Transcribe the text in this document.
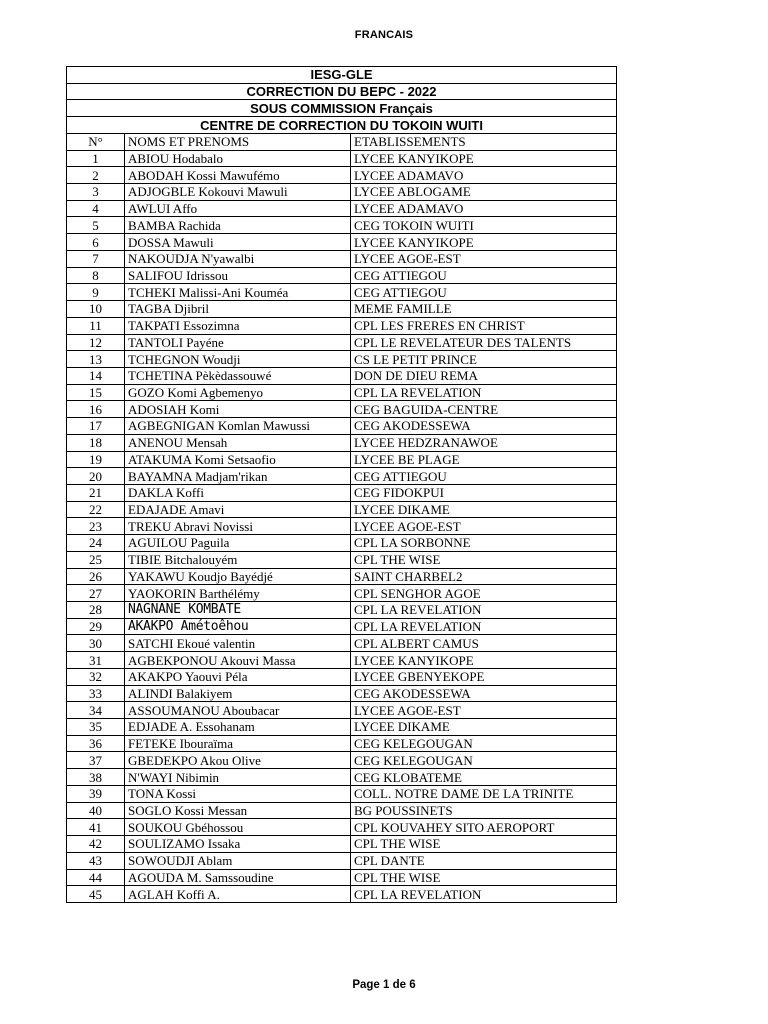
FRANCAIS
IESG-GLE		
CORRECTION DU BEPC - 2022		
SOUS COMMISSION Français		
CENTRE DE CORRECTION DU TOKOIN WUITI		
N°	NOMS ET PRENOMS	ETABLISSEMENTS
1	ABIOU Hodabalo	LYCEE KANYIKOPE
2	ABODAH Kossi Mawufémo	LYCEE ADAMAVO
3	ADJOGBLE Kokouvi Mawuli	LYCEE ABLOGAME
4	AWLUI Affo	LYCEE ADAMAVO
5	BAMBA Rachida	CEG TOKOIN WUITI
6	DOSSA Mawuli	LYCEE KANYIKOPE
7	NAKOUDJA N'yawalbi	LYCEE AGOE-EST
8	SALIFOU Idrissou	CEG ATTIEGOU
9	TCHEKI Malissi-Ani Kouméa	CEG ATTIEGOU
10	TAGBA Djibril	MEME FAMILLE
11	TAKPATI Essozimna	CPL LES FRERES EN CHRIST
12	TANTOLI Payéne	CPL LE REVELATEUR DES TALENTS
13	TCHEGNON Woudji	CS LE PETIT PRINCE
14	TCHETINA Pèkèdassouwé	DON DE DIEU REMA
15	GOZO Komi Agbemenyo	CPL LA REVELATION
16	ADOSIAH Komi	CEG BAGUIDA-CENTRE
17	AGBEGNIGAN Komlan Mawussi	CEG AKODESSEWA
18	ANENOU Mensah	LYCEE HEDZRANAWOE
19	ATAKUMA Komi Setsaofio	LYCEE BE PLAGE
20	BAYAMNA Madjam'rikan	CEG ATTIEGOU
21	DAKLA Koffi	CEG FIDOKPUI
22	EDAJADE Amavi	LYCEE DIKAME
23	TREKU Abravi Novissi	LYCEE AGOE-EST
24	AGUILOU Paguila	CPL LA SORBONNE
25	TIBIE Bitchalouyém	CPL THE WISE
26	YAKAWU Koudjo Bayédjé	SAINT CHARBEL2
27	YAOKORIN Barthélémy	CPL SENGHOR AGOE
28	NAGNANE KOMBATE	CPL LA REVELATION
29	AKAKPO Amétoêhou	CPL LA REVELATION
30	SATCHI Ekoué valentin	CPL ALBERT CAMUS
31	AGBEKPONOU Akouvi Massa	LYCEE KANYIKOPE
32	AKAKPO Yaouvi Péla	LYCEE GBENYEKOPE
33	ALINDI Balakiyem	CEG AKODESSEWA
34	ASSOUMANOU Aboubacar	LYCEE AGOE-EST
35	EDJADE A. Essohanam	LYCEE DIKAME
36	FETEKE Ibouraïma	CEG KELEGOUGAN
37	GBEDEKPO Akou Olive	CEG KELEGOUGAN
38	N'WAYI Nibimin	CEG KLOBATEME
39	TONA Kossi	COLL. NOTRE DAME DE LA TRINITE
40	SOGLO Kossi Messan	BG POUSSINETS
41	SOUKOU Gbéhossou	CPL KOUVAHEY SITO AEROPORT
42	SOULIZAMO Issaka	CPL THE WISE
43	SOWOUDJI Ablam	CPL DANTE
44	AGOUDA M. Samssoudine	CPL THE WISE
45	AGLAH Koffi A.	CPL LA REVELATION
Page 1 de 6
